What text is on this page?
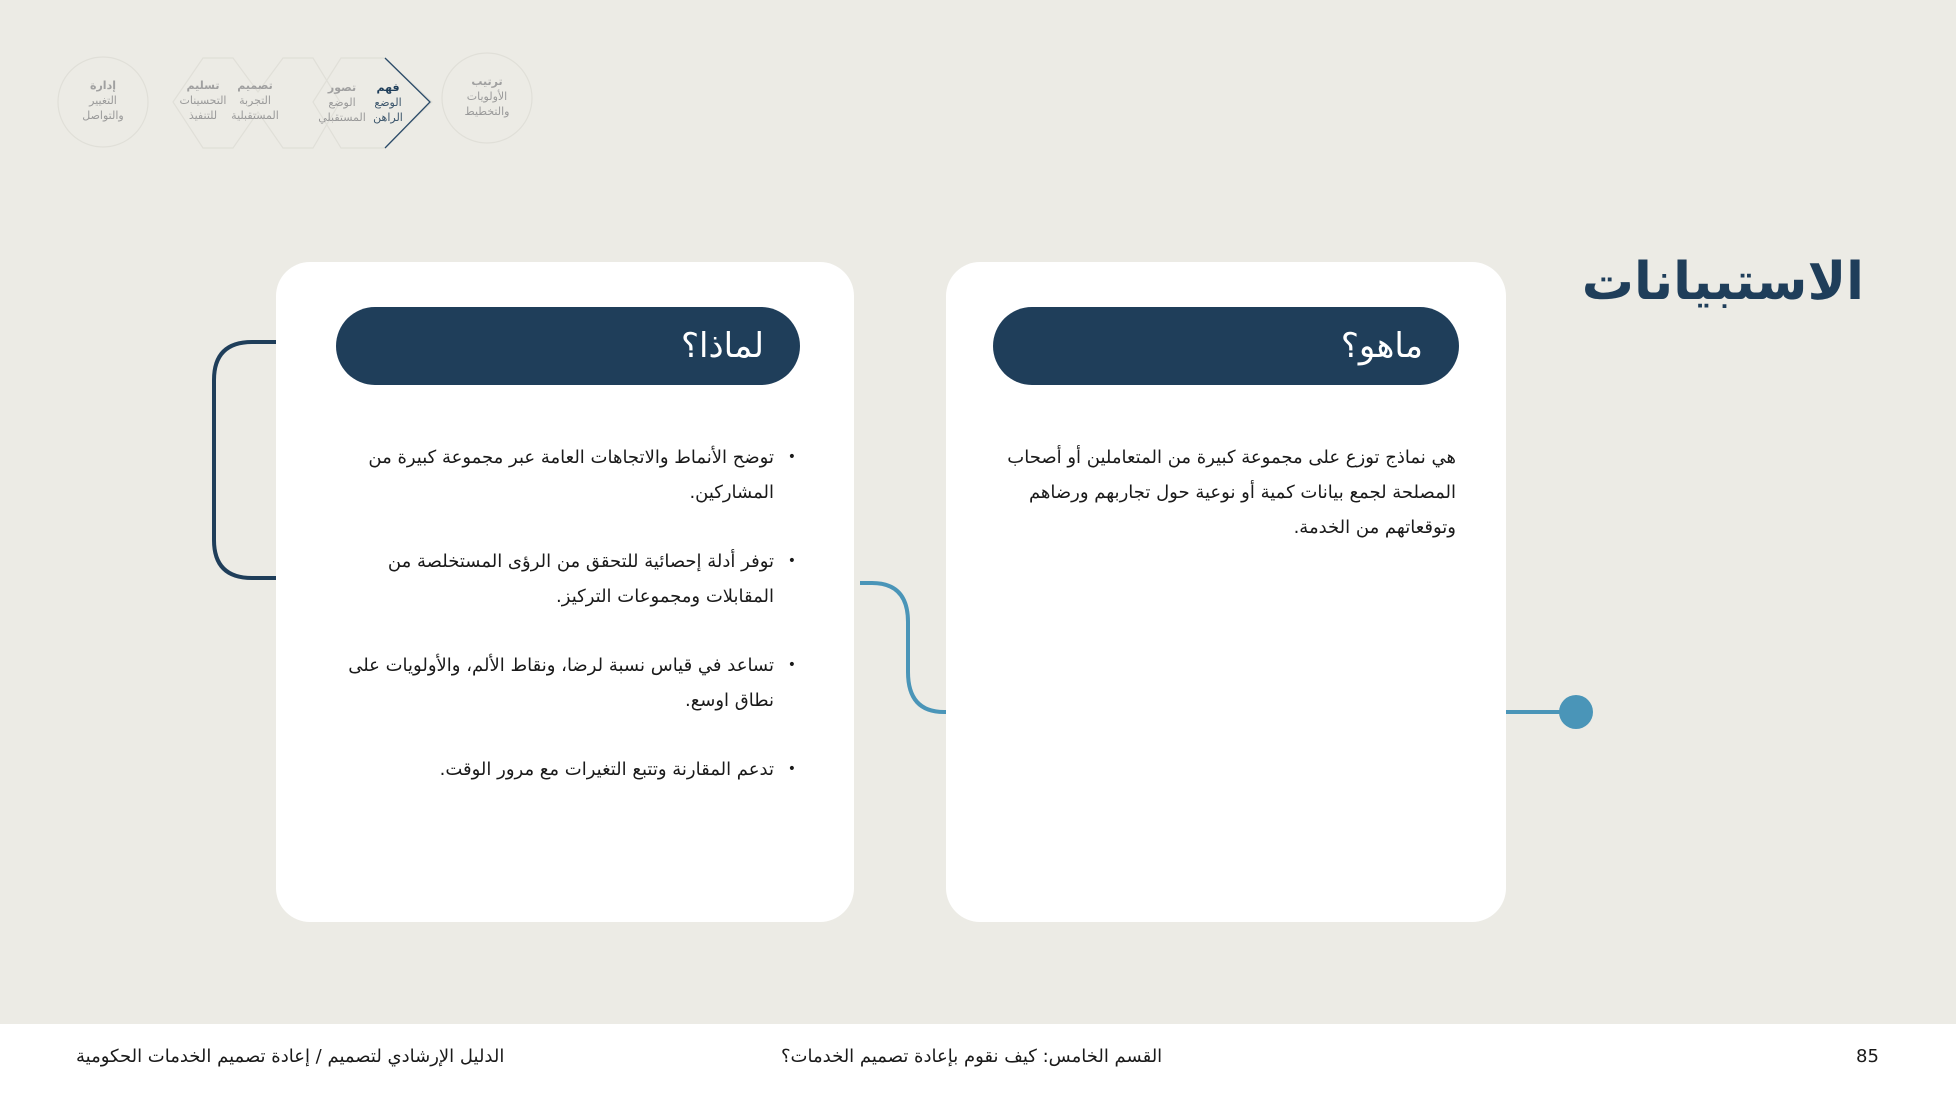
إدارة
التغيير
والتواصل
تسليم
التحسينات
للتنفيذ
تصميم
التجربة
المستقبلية
تصور
الوضع
المستقبلي
فهم
الوضع
الراهن
ترتيب
الأولويات
والتخطيط
الاستبيانات
ماهو؟
هي نماذج توزع على مجموعة كبيرة من المتعاملين أو أصحاب المصلحة لجمع بيانات كمية أو نوعية حول تجاربهم ورضاهم وتوقعاتهم من الخدمة.
لماذا؟
• توضح الأنماط والاتجاهات العامة عبر مجموعة كبيرة من المشاركين.
• توفر أدلة إحصائية للتحقق من الرؤى المستخلصة من المقابلات ومجموعات التركيز.
• تساعد في قياس نسبة لرضا، ونقاط الألم، والأولويات على نطاق اوسع.
• تدعم المقارنة وتتبع التغيرات مع مرور الوقت.
الدليل الإرشادي لتصميم / إعادة تصميم الخدمات الحكومية	القسم الخامس: كيف نقوم بإعادة تصميم الخدمات؟	85
